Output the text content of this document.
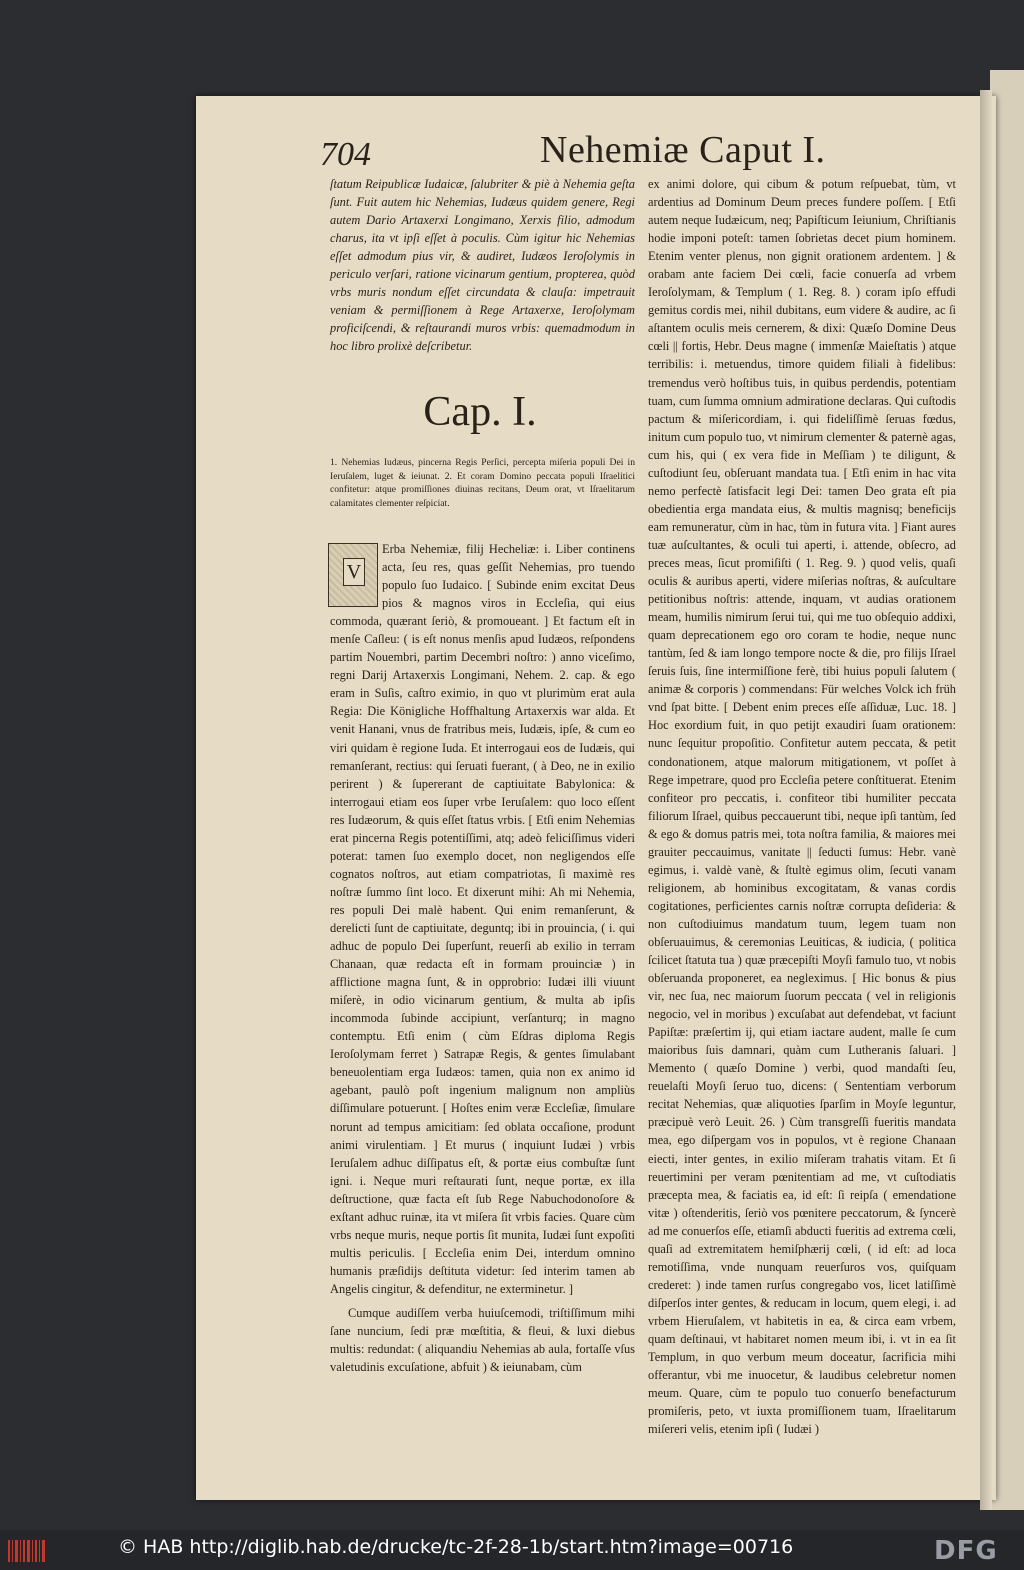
704	Nehemiæ Caput I.

ſtatum Reipublicæ Iudaicæ, ſalubriter & piè à Nehemia geſta ſunt. Fuit autem hic Nehemias, Iudæus quidem genere, Regi autem Dario Artaxerxi Longimano, Xerxis filio, admodum charus, ita vt ipſi eſſet à poculis. Cùm igitur hic Nehemias eſſet admodum pius vir, & audiret, Iudæos Ieroſolymis in periculo verſari, ratione vicinarum gentium, propterea, quòd vrbs muris nondum eſſet circundata & clauſa: impetrauit veniam & permiſſionem à Rege Artaxerxe, Ieroſolymam proficiſcendi, & reſtaurandi muros vrbis: quemadmodum in hoc libro prolixè deſcribetur.

Cap. I.

1. Nehemias Iudæus, pincerna Regis Perſici, percepta miſeria populi Dei in Ieruſalem, luget & ieiunat. 2. Et coram Domino peccata populi Iſraelitici confitetur: atque promiſſiones diuinas recitans, Deum orat, vt Iſraelitarum calamitates clementer reſpiciat.

Erba Nehemiæ, filij Hecheliæ: i. Liber continens acta, ſeu res, quas geſſit Nehemias, pro tuendo populo ſuo Iudaico. [ Subinde enim excitat Deus pios & magnos viros in Eccleſia, qui eius commoda, quærant ſeriò, & promoueant. ] Et factum eſt in menſe Caſleu: ( is eſt nonus menſis apud Iudæos, reſpondens partim Nouembri, partim Decembri noſtro: ) anno viceſimo, regni Darij Artaxerxis Longimani, Nehem. 2. cap. & ego eram in Suſis, caſtro eximio, in quo vt plurimùm erat aula Regia: Die Königliche Hoffhaltung Artaxerxis war alda. Et venit Hanani, vnus de fratribus meis, Iudæis, ipſe, & cum eo viri quidam è regione Iuda. Et interrogaui eos de Iudæis, qui remanſerant, rectius: qui ſeruati fuerant, ( à Deo, ne in exilio perirent ) & ſupererant de captiuitate Babylonica: & interrogaui etiam eos ſuper vrbe Ieruſalem: quo loco eſſent res Iudæorum, & quis eſſet ſtatus vrbis. [ Etſi enim Nehemias erat pincerna Regis potentiſſimi, atq; adeò feliciſſimus videri poterat: tamen ſuo exemplo docet, non negligendos eſſe cognatos noſtros, aut etiam compatriotas, ſi maximè res noſtræ ſummo ſint loco. Et dixerunt mihi: Ah mi Nehemia, res populi Dei malè habent. Qui enim remanſerunt, & derelicti ſunt de captiuitate, deguntq; ibi in prouincia, ( i. qui adhuc de populo Dei ſuperſunt, reuerſi ab exilio in terram Chanaan, quæ redacta eſt in formam prouinciæ ) in afflictione magna ſunt, & in opprobrio: Iudæi illi viuunt miſerè, in odio vicinarum gentium, & multa ab ipſis incommoda ſubinde accipiunt, verſanturq; in magno contemptu. Etſi enim ( cùm Eſdras diploma Regis Ieroſolymam ferret ) Satrapæ Regis, & gentes ſimulabant beneuolentiam erga Iudæos: tamen, quia non ex animo id agebant, paulò poſt ingenium malignum non ampliùs diſſimulare potuerunt. [ Hoſtes enim veræ Eccleſiæ, ſimulare norunt ad tempus amicitiam: ſed oblata occaſione, produnt animi virulentiam. ] Et murus ( inquiunt Iudæi ) vrbis Ieruſalem adhuc diſſipatus eſt, & portæ eius combuſtæ ſunt igni. i. Neque muri reſtaurati ſunt, neque portæ, ex illa deſtructione, quæ facta eſt ſub Rege Nabuchodonoſore & exſtant adhuc ruinæ, ita vt miſera ſit vrbis facies. Quare cùm vrbs neque muris, neque portis ſit munita, Iudæi ſunt expoſiti multis periculis. [ Eccleſia enim Dei, interdum omnino humanis præſidijs deſtituta videtur: ſed interim tamen ab Angelis cingitur, & defenditur, ne exterminetur. ]

Cumque audiſſem verba huiuſcemodi, triſtiſſimum mihi ſane nuncium, ſedi præ mœſtitia, & fleui, & luxi diebus multis: redundat: ( aliquandiu Nehemias ab aula, fortaſſe vſus valetudinis excuſatione, abfuit ) & ieiunabam, cùm

V

ex animi dolore, qui cibum & potum reſpuebat, tùm, vt ardentius ad Dominum Deum preces fundere poſſem. [ Etſi autem neque Iudæicum, neq; Papiſticum Ieiunium, Chriſtianis hodie imponi poteſt: tamen ſobrietas decet pium hominem. Etenim venter plenus, non gignit orationem ardentem. ] & orabam ante faciem Dei cœli, facie conuerſa ad vrbem Ieroſolymam, & Templum ( 1. Reg. 8. ) coram ipſo effudi gemitus cordis mei, nihil dubitans, eum videre & audire, ac ſi aſtantem oculis meis cernerem, & dixi: Quæſo Domine Deus cœli || fortis, Hebr. Deus magne ( immenſæ Maieſtatis ) atque terribilis: i. metuendus, timore quidem filiali à fidelibus: tremendus verò hoſtibus tuis, in quibus perdendis, potentiam tuam, cum ſumma omnium admiratione declaras. Qui cuſtodis pactum & miſericordiam, i. qui fideliſſimè ſeruas fœdus, initum cum populo tuo, vt nimirum clementer & paternè agas, cum his, qui ( ex vera fide in Meſſiam ) te diligunt, & cuſtodiunt ſeu, obſeruant mandata tua. [ Etſi enim in hac vita nemo perfectè ſatisfacit legi Dei: tamen Deo grata eſt pia obedientia erga mandata eius, & multis magnisq; beneficijs eam remuneratur, cùm in hac, tùm in futura vita. ] Fiant aures tuæ auſcultantes, & oculi tui aperti, i. attende, obſecro, ad preces meas, ſicut promiſiſti ( 1. Reg. 9. ) quod velis, quaſi oculis & auribus aperti, videre miſerias noſtras, & auſcultare petitionibus noſtris: attende, inquam, vt audias orationem meam, humilis nimirum ſerui tui, qui me tuo obſequio addixi, quam deprecationem ego oro coram te hodie, neque nunc tantùm, ſed & iam longo tempore nocte & die, pro filijs Iſrael ſeruis ſuis, ſine intermiſſione ferè, tibi huius populi ſalutem ( animæ & corporis ) commendans: Für welches Volck ich früh vnd ſpat bitte. [ Debent enim preces eſſe aſſiduæ, Luc. 18. ] Hoc exordium fuit, in quo petijt exaudiri ſuam orationem: nunc ſequitur propoſitio. Confitetur autem peccata, & petit condonationem, atque malorum mitigationem, vt poſſet à Rege impetrare, quod pro Eccleſia petere conſtituerat. Etenim confiteor pro peccatis, i. confiteor tibi humiliter peccata filiorum Iſrael, quibus peccauerunt tibi, neque ipſi tantùm, ſed & ego & domus patris mei, tota noſtra familia, & maiores mei grauiter peccauimus, vanitate || ſeducti ſumus: Hebr. vanè egimus, i. valdè vanè, & ſtultè egimus olim, ſecuti vanam religionem, ab hominibus excogitatam, & vanas cordis cogitationes, perficientes carnis noſtræ corrupta deſideria: & non cuſtodiuimus mandatum tuum, legem tuam non obſeruauimus, & ceremonias Leuiticas, & iudicia, ( politica ſcilicet ſtatuta tua ) quæ præcepiſti Moyſi famulo tuo, vt nobis obſeruanda proponeret, ea negleximus. [ Hic bonus & pius vir, nec ſua, nec maiorum ſuorum peccata ( vel in religionis negocio, vel in moribus ) excuſabat aut defendebat, vt faciunt Papiſtæ: præſertim ij, qui etiam iactare audent, malle ſe cum maioribus ſuis damnari, quàm cum Lutheranis ſaluari. ] Memento ( quæſo Domine ) verbi, quod mandaſti ſeu, reuelaſti Moyſi ſeruo tuo, dicens: ( Sententiam verborum recitat Nehemias, quæ aliquoties ſparſim in Moyſe leguntur, præcipuè verò Leuit. 26. ) Cùm transgreſſi fueritis mandata mea, ego diſpergam vos in populos, vt è regione Chanaan eiecti, inter gentes, in exilio miſeram trahatis vitam. Et ſi reuertimini per veram pœnitentiam ad me, vt cuſtodiatis præcepta mea, & faciatis ea, id eſt: ſi reipſa ( emendatione vitæ ) oſtenderitis, ſeriò vos pœnitere peccatorum, & ſyncerè ad me conuerſos eſſe, etiamſi abducti fueritis ad extrema cœli, quaſi ad extremitatem hemiſphærij cœli, ( id eſt: ad loca remotiſſima, vnde nunquam reuerſuros vos, quiſquam crederet: ) inde tamen rurſus congregabo vos, licet latiſſimè diſperſos inter gentes, & reducam in locum, quem elegi, i. ad vrbem Hieruſalem, vt habitetis in ea, & circa eam vrbem, quam deſtinaui, vt habitaret nomen meum ibi, i. vt in ea ſit Templum, in quo verbum meum doceatur, ſacrificia mihi offerantur, vbi me inuocetur, & laudibus celebretur nomen meum. Quare, cùm te populo tuo conuerſo benefacturum promiſeris, peto, vt iuxta promiſſionem tuam, Iſraelitarum miſereri velis, etenim ipſi ( Iudæi )

© HAB http://diglib.hab.de/drucke/tc-2f-28-1b/start.htm?image=00716	DFG
